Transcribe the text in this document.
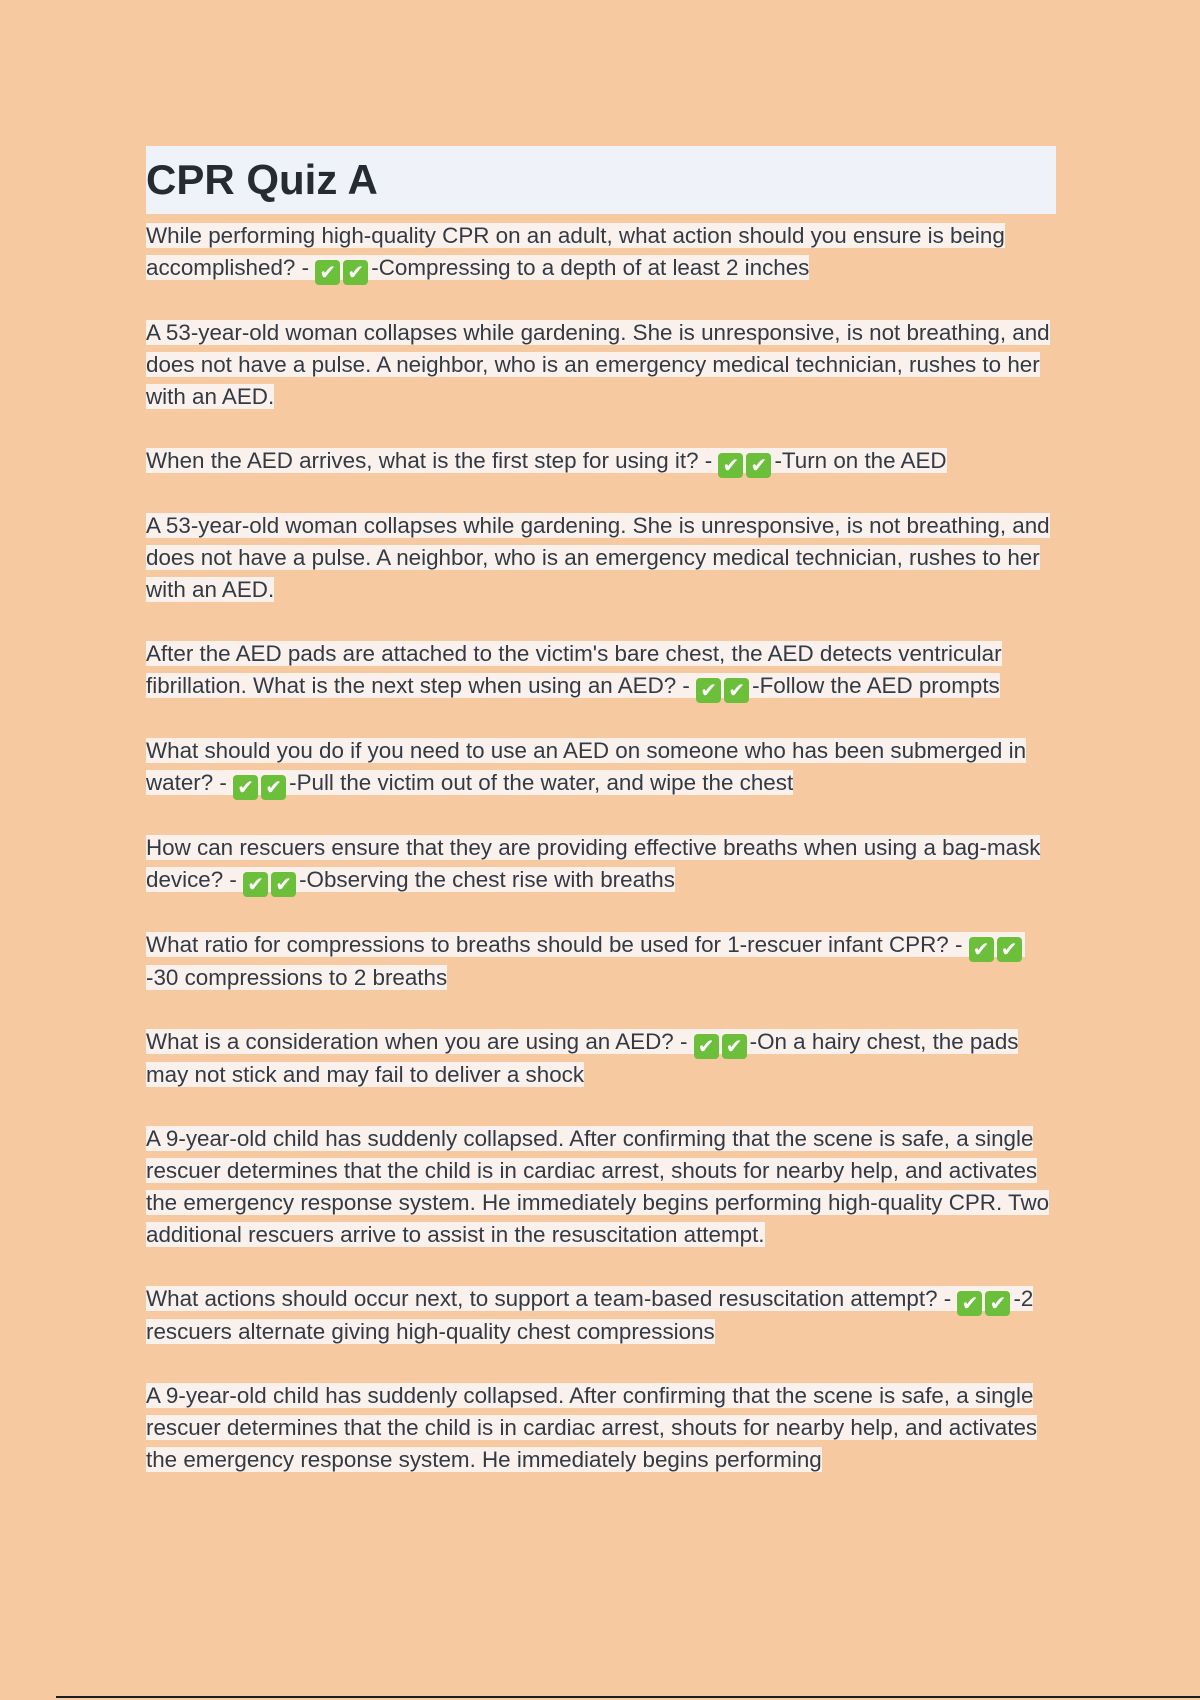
CPR Quiz A

While performing high-quality CPR on an adult, what action should you ensure is being accomplished? - ✔ ✔ -Compressing to a depth of at least 2 inches

A 53-year-old woman collapses while gardening. She is unresponsive, is not breathing, and does not have a pulse. A neighbor, who is an emergency medical technician, rushes to her with an AED.

When the AED arrives, what is the first step for using it? - ✔ ✔ -Turn on the AED

A 53-year-old woman collapses while gardening. She is unresponsive, is not breathing, and does not have a pulse. A neighbor, who is an emergency medical technician, rushes to her with an AED.

After the AED pads are attached to the victim's bare chest, the AED detects ventricular fibrillation. What is the next step when using an AED? - ✔ ✔ -Follow the AED prompts

What should you do if you need to use an AED on someone who has been submerged in water? - ✔ ✔ -Pull the victim out of the water, and wipe the chest

How can rescuers ensure that they are providing effective breaths when using a bag-mask device? - ✔ ✔ -Observing the chest rise with breaths

What ratio for compressions to breaths should be used for 1-rescuer infant CPR? - ✔ ✔-30 compressions to 2 breaths

What is a consideration when you are using an AED? - ✔ ✔ -On a hairy chest, the pads may not stick and may fail to deliver a shock

A 9-year-old child has suddenly collapsed. After confirming that the scene is safe, a single rescuer determines that the child is in cardiac arrest, shouts for nearby help, and activates the emergency response system. He immediately begins performing high-quality CPR. Two additional rescuers arrive to assist in the resuscitation attempt.

What actions should occur next, to support a team-based resuscitation attempt? - ✔ ✔ -2 rescuers alternate giving high-quality chest compressions

A 9-year-old child has suddenly collapsed. After confirming that the scene is safe, a single rescuer determines that the child is in cardiac arrest, shouts for nearby help, and activates the emergency response system. He immediately begins performing
